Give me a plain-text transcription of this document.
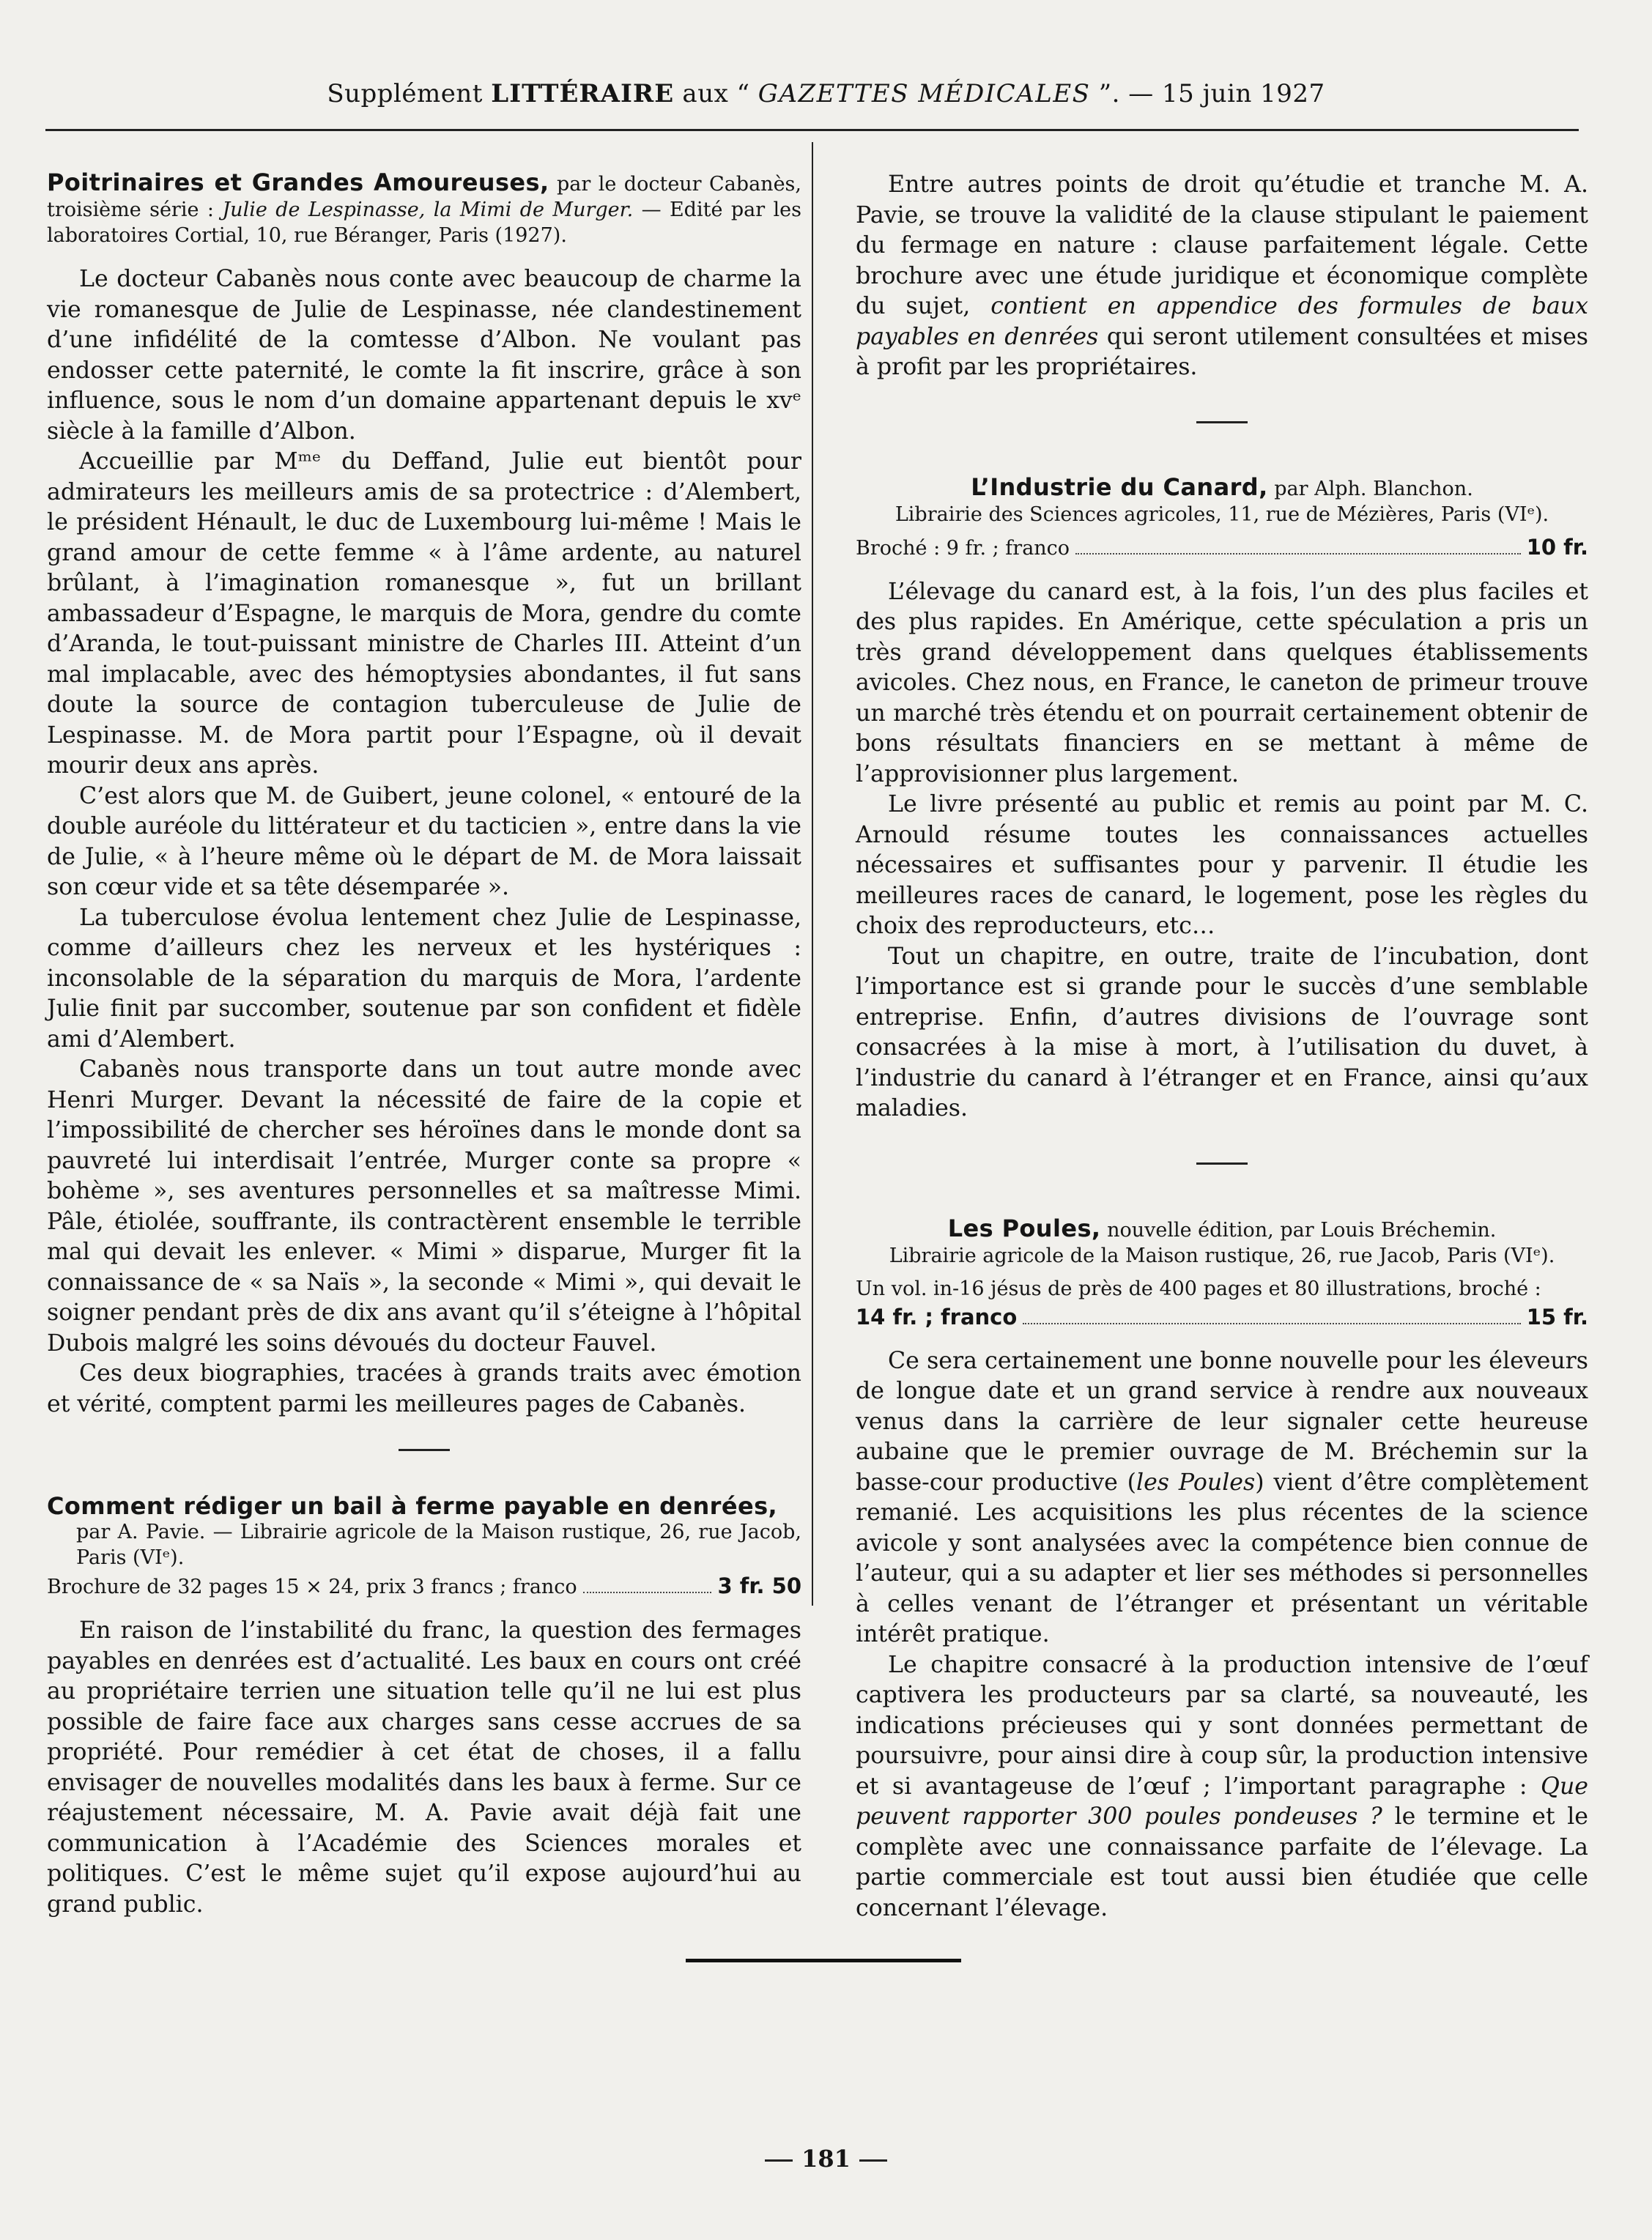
Supplément LITTÉRAIRE aux “ GAZETTES MÉDICALES ”. — 15 juin 1927
Poitrinaires et Grandes Amoureuses, par le docteur Cabanès, troisième série : Julie de Lespinasse, la Mimi de Murger. — Edité par les laboratoires Cortial, 10, rue Béranger, Paris (1927).

Le docteur Cabanès nous conte avec beaucoup de charme la vie romanesque de Julie de Lespinasse, née clandestinement d’une infidélité de la comtesse d’Albon. Ne voulant pas endosser cette paternité, le comte la fit inscrire, grâce à son influence, sous le nom d’un domaine appartenant depuis le xvᵉ siècle à la famille d’Albon.

Accueillie par Mᵐᵉ du Deffand, Julie eut bientôt pour admirateurs les meilleurs amis de sa protectrice : d’Alembert, le président Hénault, le duc de Luxembourg lui-même ! Mais le grand amour de cette femme « à l’âme ardente, au naturel brûlant, à l’imagination romanesque », fut un brillant ambassadeur d’Espagne, le marquis de Mora, gendre du comte d’Aranda, le tout-puissant ministre de Charles III. Atteint d’un mal implacable, avec des hémoptysies abondantes, il fut sans doute la source de contagion tuberculeuse de Julie de Lespinasse. M. de Mora partit pour l’Espagne, où il devait mourir deux ans après.

C’est alors que M. de Guibert, jeune colonel, « entouré de la double auréole du littérateur et du tacticien », entre dans la vie de Julie, « à l’heure même où le départ de M. de Mora laissait son cœur vide et sa tête désemparée ».

La tuberculose évolua lentement chez Julie de Lespinasse, comme d’ailleurs chez les nerveux et les hystériques : inconsolable de la séparation du marquis de Mora, l’ardente Julie finit par succomber, soutenue par son confident et fidèle ami d’Alembert.

Cabanès nous transporte dans un tout autre monde avec Henri Murger. Devant la nécessité de faire de la copie et l’impossibilité de chercher ses héroïnes dans le monde dont sa pauvreté lui interdisait l’entrée, Murger conte sa propre « bohème », ses aventures personnelles et sa maîtresse Mimi. Pâle, étiolée, souffrante, ils contractèrent ensemble le terrible mal qui devait les enlever. « Mimi » disparue, Murger fit la connaissance de « sa Naïs », la seconde « Mimi », qui devait le soigner pendant près de dix ans avant qu’il s’éteigne à l’hôpital Dubois malgré les soins dévoués du docteur Fauvel.

Ces deux biographies, tracées à grands traits avec émotion et vérité, comptent parmi les meilleures pages de Cabanès.

Comment rédiger un bail à ferme payable en denrées,
par A. Pavie. — Librairie agricole de la Maison rustique, 26, rue Jacob, Paris (VIᵉ).
Brochure de 32 pages 15 × 24, prix 3 francs ; franco	3 fr. 50

En raison de l’instabilité du franc, la question des fermages payables en denrées est d’actualité. Les baux en cours ont créé au propriétaire terrien une situation telle qu’il ne lui est plus possible de faire face aux charges sans cesse accrues de sa propriété. Pour remédier à cet état de choses, il a fallu envisager de nouvelles modalités dans les baux à ferme. Sur ce réajustement nécessaire, M. A. Pavie avait déjà fait une communication à l’Académie des Sciences morales et politiques. C’est le même sujet qu’il expose aujourd’hui au grand public.

Entre autres points de droit qu’étudie et tranche M. A. Pavie, se trouve la validité de la clause stipulant le paiement du fermage en nature : clause parfaitement légale. Cette brochure avec une étude juridique et économique complète du sujet, contient en appendice des formules de baux payables en denrées qui seront utilement consultées et mises à profit par les propriétaires.

L’Industrie du Canard, par Alph. Blanchon.
Librairie des Sciences agricoles, 11, rue de Mézières, Paris (VIᵉ).
Broché : 9 fr. ; franco	10 fr.

L’élevage du canard est, à la fois, l’un des plus faciles et des plus rapides. En Amérique, cette spéculation a pris un très grand développement dans quelques établissements avicoles. Chez nous, en France, le caneton de primeur trouve un marché très étendu et on pourrait certainement obtenir de bons résultats financiers en se mettant à même de l’approvisionner plus largement.

Le livre présenté au public et remis au point par M. C. Arnould résume toutes les connaissances actuelles nécessaires et suffisantes pour y parvenir. Il étudie les meilleures races de canard, le logement, pose les règles du choix des reproducteurs, etc…

Tout un chapitre, en outre, traite de l’incubation, dont l’importance est si grande pour le succès d’une semblable entreprise. Enfin, d’autres divisions de l’ouvrage sont consacrées à la mise à mort, à l’utilisation du duvet, à l’industrie du canard à l’étranger et en France, ainsi qu’aux maladies.

Les Poules, nouvelle édition, par Louis Bréchemin.
Librairie agricole de la Maison rustique, 26, rue Jacob, Paris (VIᵉ).
Un vol. in-16 jésus de près de 400 pages et 80 illustrations, broché :
14 fr. ; franco	15 fr.

Ce sera certainement une bonne nouvelle pour les éleveurs de longue date et un grand service à rendre aux nouveaux venus dans la carrière de leur signaler cette heureuse aubaine que le premier ouvrage de M. Bréchemin sur la basse-cour productive (les Poules) vient d’être complètement remanié. Les acquisitions les plus récentes de la science avicole y sont analysées avec la compétence bien connue de l’auteur, qui a su adapter et lier ses méthodes si personnelles à celles venant de l’étranger et présentant un véritable intérêt pratique.

Le chapitre consacré à la production intensive de l’œuf captivera les producteurs par sa clarté, sa nouveauté, les indications précieuses qui y sont données permettant de poursuivre, pour ainsi dire à coup sûr, la production intensive et si avantageuse de l’œuf ; l’important paragraphe : Que peuvent rapporter 300 poules pondeuses ? le termine et le complète avec une connaissance parfaite de l’élevage. La partie commerciale est tout aussi bien étudiée que celle concernant l’élevage.

181
